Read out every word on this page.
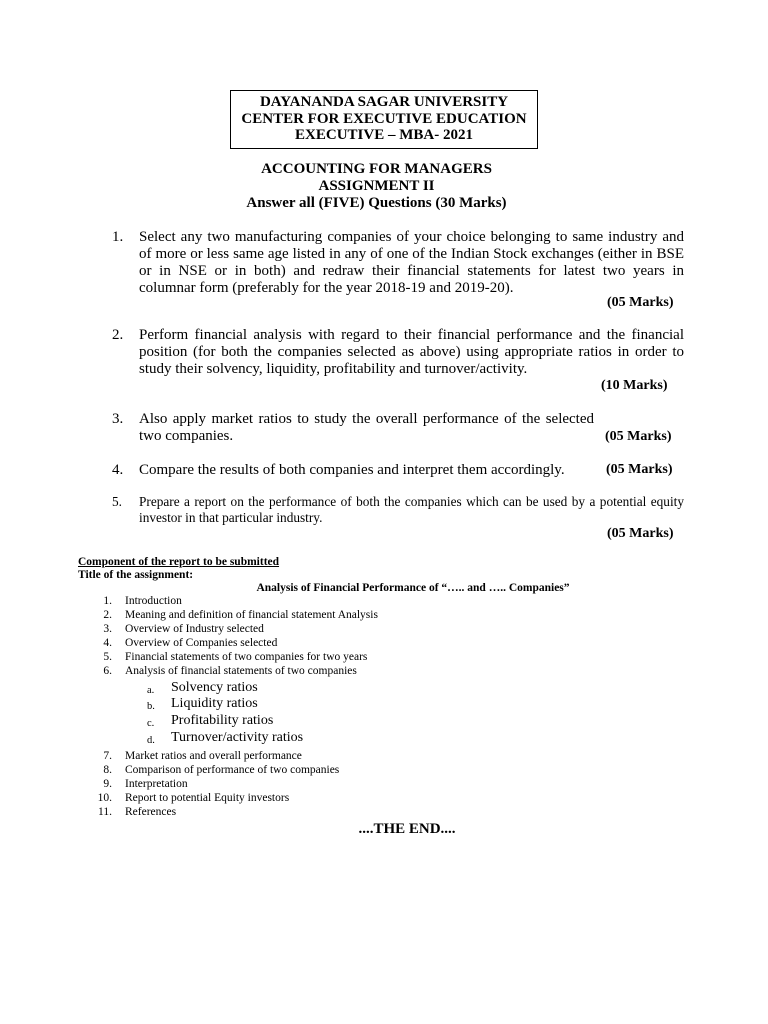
DAYANANDA SAGAR UNIVERSITY
CENTER FOR EXECUTIVE EDUCATION
EXECUTIVE – MBA- 2021
ACCOUNTING FOR MANAGERS
ASSIGNMENT II
Answer all (FIVE) Questions (30 Marks)
1. Select any two manufacturing companies of your choice belonging to same industry and of more or less same age listed in any of one of the Indian Stock exchanges (either in BSE or in NSE or in both) and redraw their financial statements for latest two years in columnar form (preferably for the year 2018-19 and 2019-20).
(05 Marks)
2. Perform financial analysis with regard to their financial performance and the financial position (for both the companies selected as above) using appropriate ratios in order to study their solvency, liquidity, profitability and turnover/activity.
(10 Marks)
3. Also apply market ratios to study the overall performance of the selected two companies.	(05 Marks)
4. Compare the results of both companies and interpret them accordingly.	(05 Marks)
5. Prepare a report on the performance of both the companies which can be used by a potential equity investor in that particular industry.
(05 Marks)
Component of the report to be submitted
Title of the assignment:
Analysis of Financial Performance of “….. and ….. Companies”
1. Introduction
2. Meaning and definition of financial statement Analysis
3. Overview of Industry selected
4. Overview of Companies selected
5. Financial statements of two companies for two years
6. Analysis of financial statements of two companies
a. Solvency ratios
b. Liquidity ratios
c. Profitability ratios
d. Turnover/activity ratios
7. Market ratios and overall performance
8. Comparison of performance of two companies
9. Interpretation
10. Report to potential Equity investors
11. References
....THE END....
